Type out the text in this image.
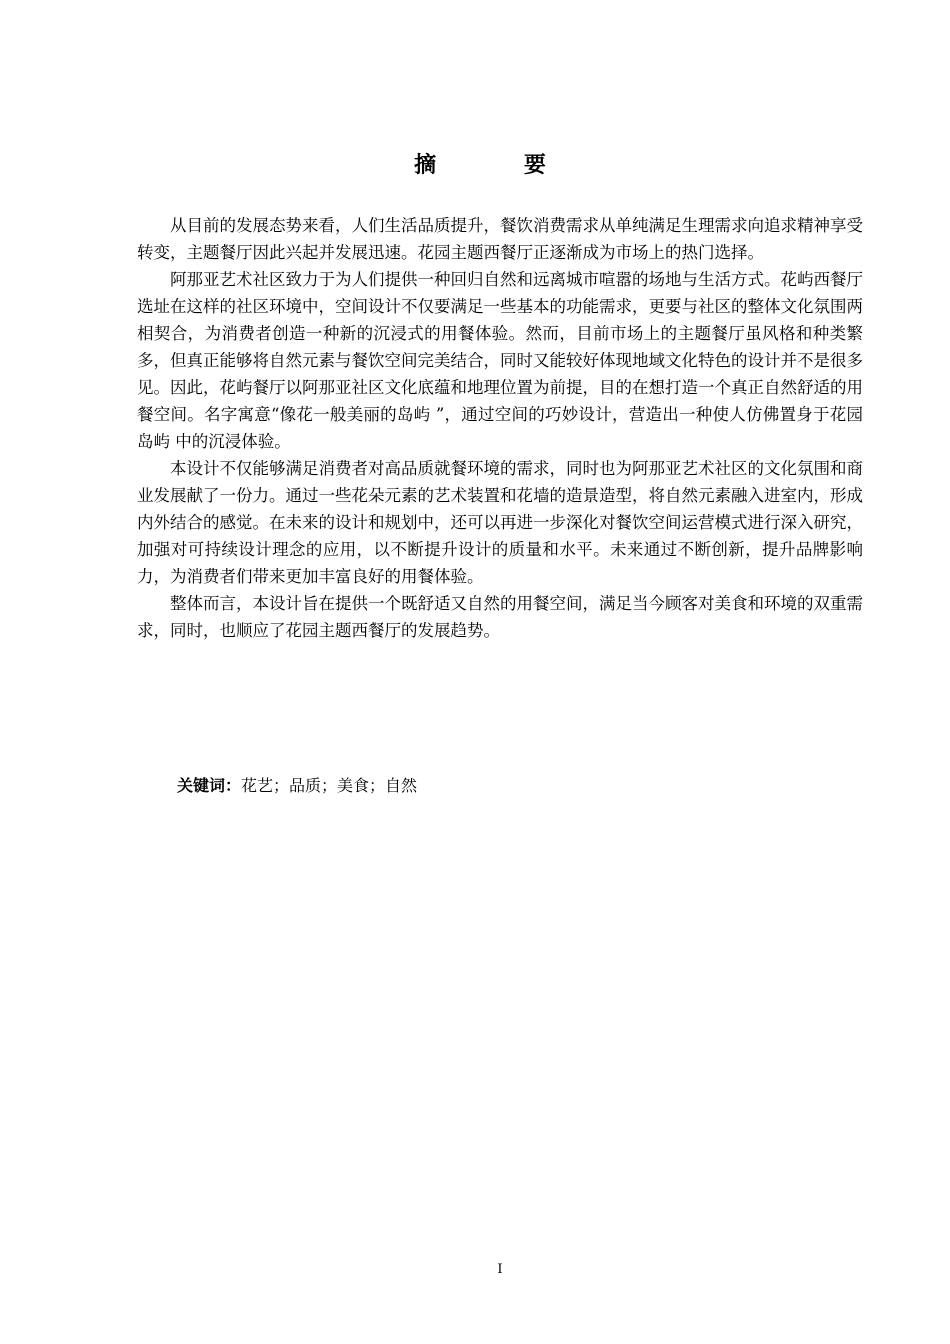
摘 要

从目前的发展态势来看，人们生活品质提升，餐饮消费需求从单纯满足生理需求向追求精神享受转变，主题餐厅因此兴起并发展迅速。花园主题西餐厅正逐渐成为市场上的热门选择。

阿那亚艺术社区致力于为人们提供一种回归自然和远离城市喧嚣的场地与生活方式。花屿西餐厅选址在这样的社区环境中，空间设计不仅要满足一些基本的功能需求，更要与社区的整体文化氛围两相契合，为消费者创造一种新的沉浸式的用餐体验。然而，目前市场上的主题餐厅虽风格和种类繁多，但真正能够将自然元素与餐饮空间完美结合，同时又能较好体现地域文化特色的设计并不是很多见。因此，花屿餐厅以阿那亚社区文化底蕴和地理位置为前提，目的在想打造一个真正自然舒适的用餐空间。名字寓意“像花一般美丽的岛屿 ”，通过空间的巧妙设计，营造出一种使人仿佛置身于花园岛屿 中的沉浸体验。

本设计不仅能够满足消费者对高品质就餐环境的需求，同时也为阿那亚艺术社区的文化氛围和商业发展献了一份力。通过一些花朵元素的艺术装置和花墙的造景造型，将自然元素融入进室内，形成内外结合的感觉。在未来的设计和规划中，还可以再进一步深化对餐饮空间运营模式进行深入研究，加强对可持续设计理念的应用，以不断提升设计的质量和水平。未来通过不断创新，提升品牌影响力，为消费者们带来更加丰富良好的用餐体验。

整体而言，本设计旨在提供一个既舒适又自然的用餐空间，满足当今顾客对美食和环境的双重需求，同时，也顺应了花园主题西餐厅的发展趋势。

关键词：花艺；品质；美食；自然
I
